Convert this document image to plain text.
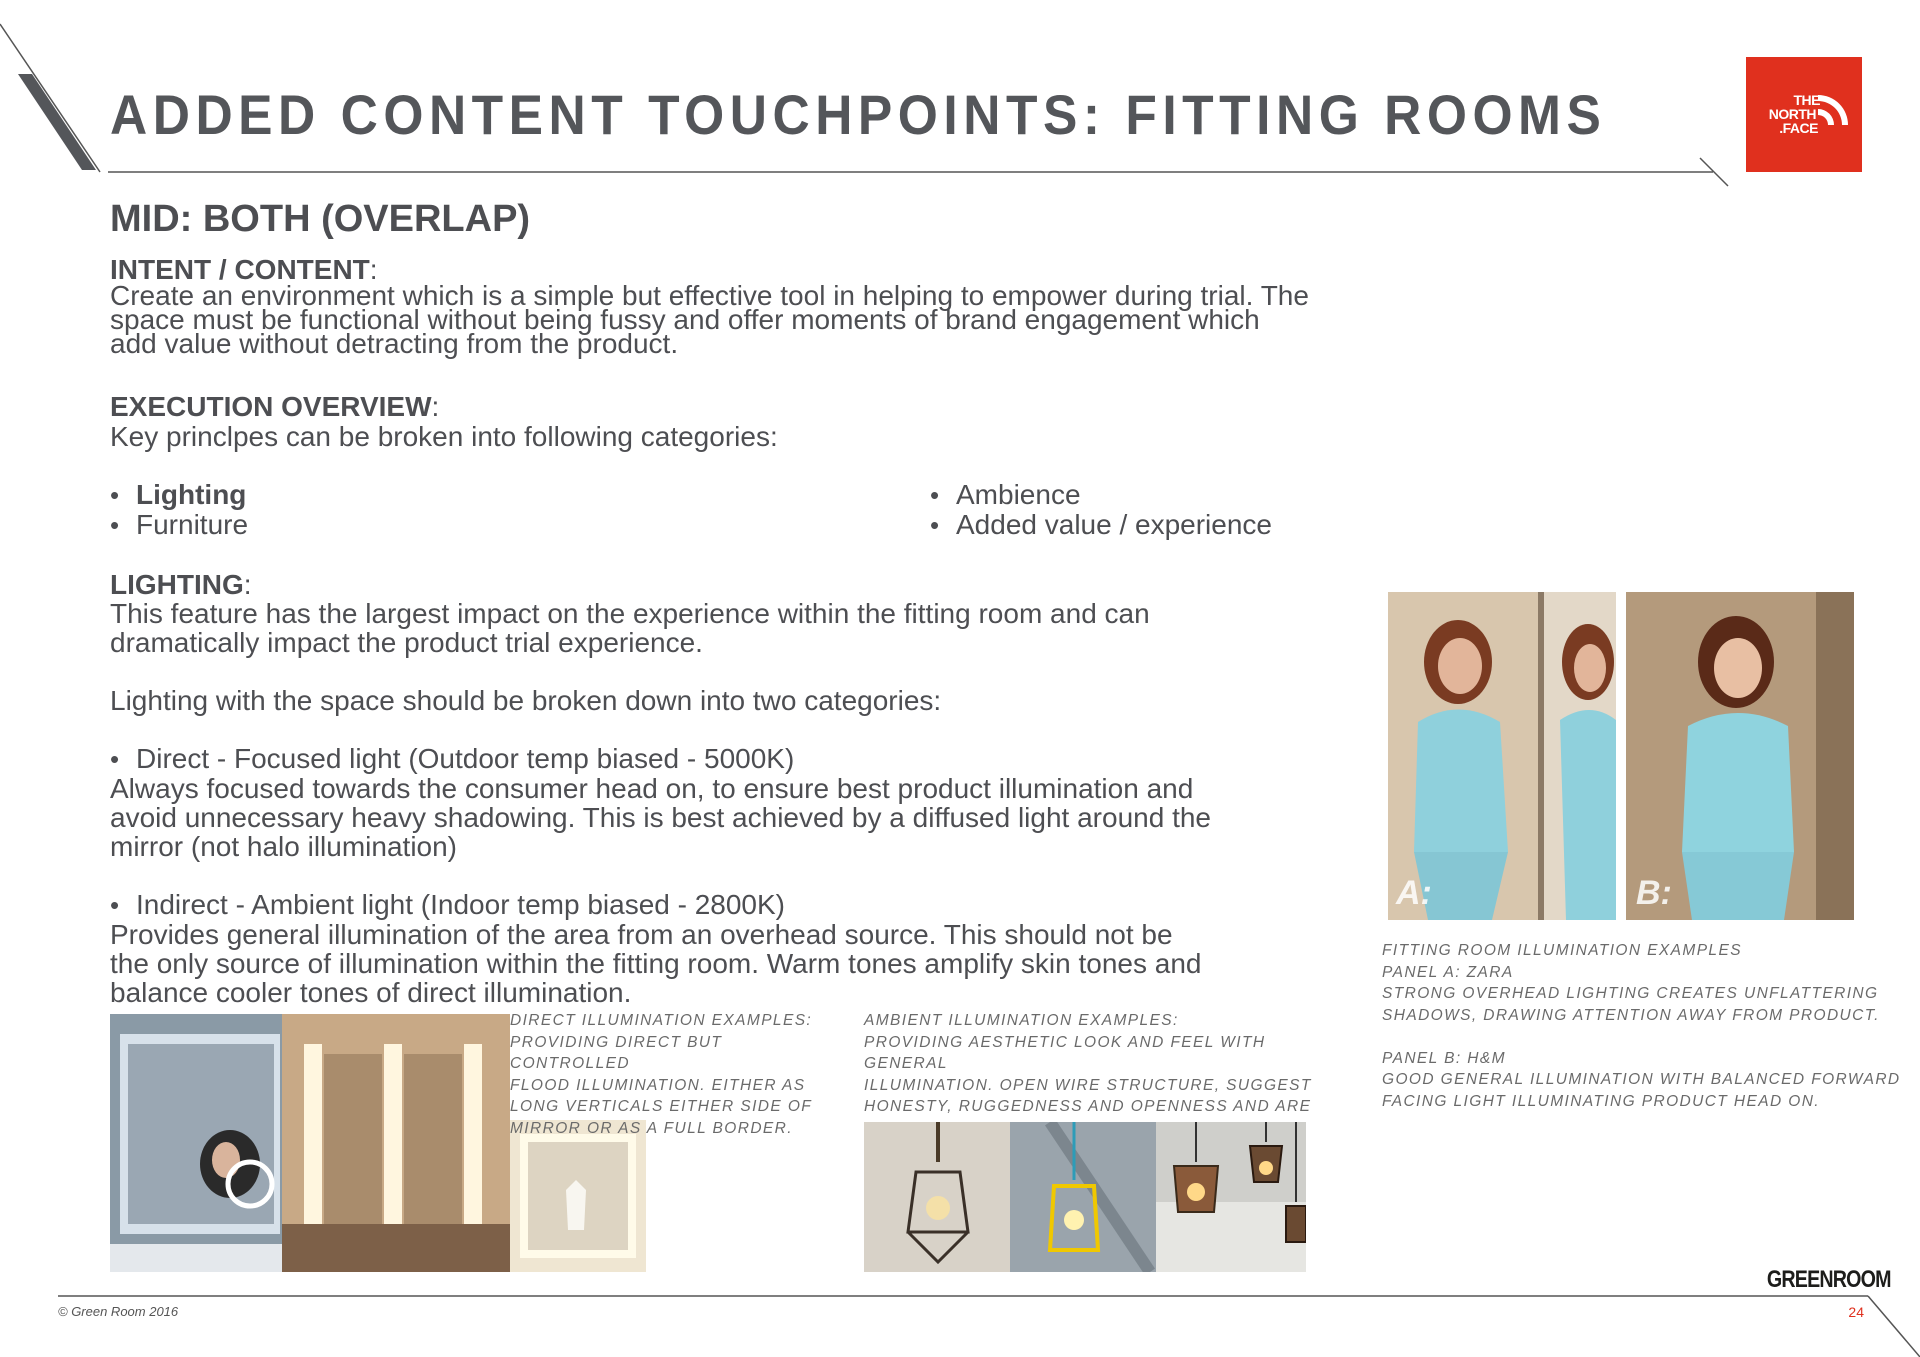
ADDED CONTENT TOUCHPOINTS: FITTING ROOMS	THE
NORTH
.FACE
MID: BOTH (OVERLAP)

INTENT / CONTENT:

Create an environment which is a simple but effective tool in helping to empower during trial. The

space must be functional without being fussy and offer moments of brand engagement which

add value without detracting from the product.

EXECUTION OVERVIEW:

Key princlpes can be broken into following categories:

• Lighting
• Furniture
• Ambience
• Added value / experience

LIGHTING:

This feature has the largest impact on the experience within the fitting room and can

dramatically impact the product trial experience.

Lighting with the space should be broken down into two categories:

• Direct - Focused light (Outdoor temp biased - 5000K)

Always focused towards the consumer head on, to ensure best product illumination and

avoid unnecessary heavy shadowing. This is best achieved by a diffused light around the

mirror (not halo illumination)

• Indirect - Ambient light (Indoor temp biased - 2800K)

Provides general illumination of the area from an overhead source. This should not be

the only source of illumination within the fitting room. Warm tones amplify skin tones and

balance cooler tones of direct illumination.

A:	B:
FITTING ROOM ILLUMINATION EXAMPLES
PANEL A: ZARA
STRONG OVERHEAD LIGHTING CREATES UNFLATTERING
SHADOWS, DRAWING ATTENTION AWAY FROM PRODUCT.

PANEL B: H&M
GOOD GENERAL ILLUMINATION WITH BALANCED FORWARD
FACING LIGHT ILLUMINATING PRODUCT HEAD ON.
DIRECT ILLUMINATION EXAMPLES:
PROVIDING DIRECT BUT CONTROLLED
FLOOD ILLUMINATION. EITHER AS
LONG VERTICALS EITHER SIDE OF
MIRROR OR AS A FULL BORDER.
AMBIENT ILLUMINATION EXAMPLES:
PROVIDING AESTHETIC LOOK AND FEEL WITH GENERAL
ILLUMINATION. OPEN WIRE STRUCTURE, SUGGEST
HONESTY, RUGGEDNESS AND OPENNESS AND ARE

GREENROOM
© Green Room 2016	24
